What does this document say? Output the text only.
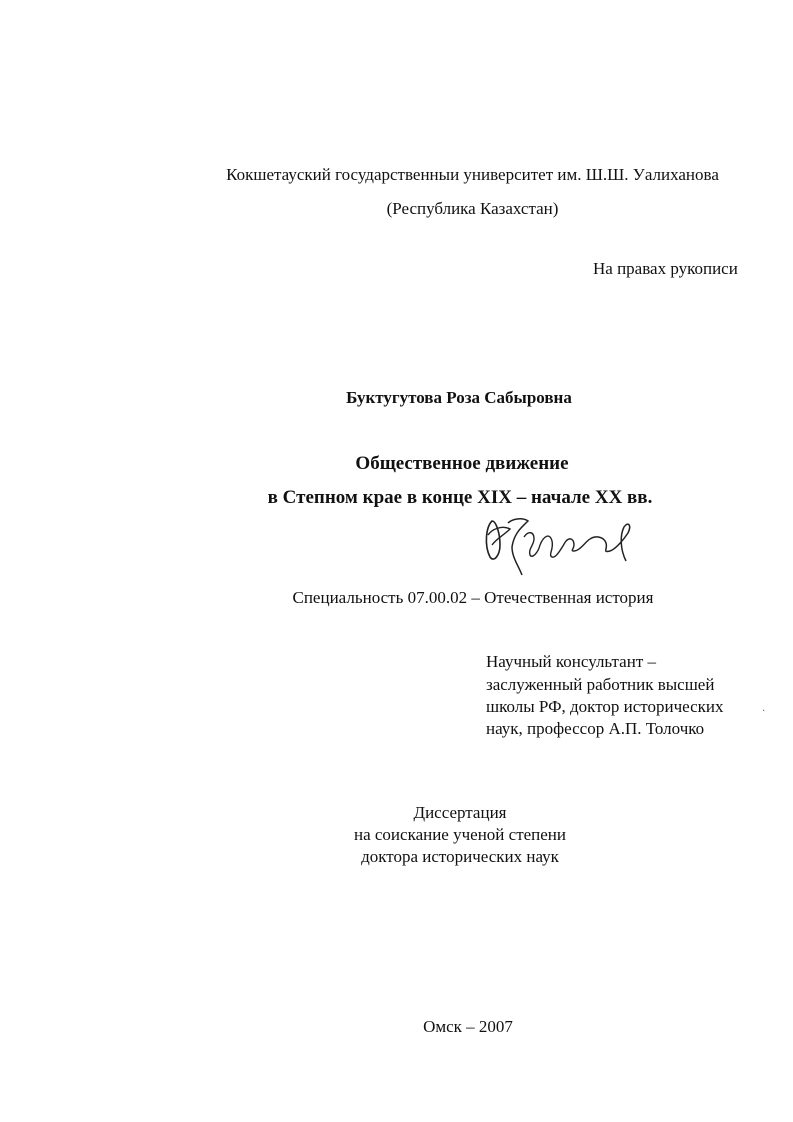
Кокшетауский государственныи университет им. Ш.Ш. Уалиханова
(Республика Казахстан)
На правах рукописи
Буктугутова Роза Сабыровна
Общественное движение
в Степном крае в конце XIX – начале XX вв.
Специальность 07.00.02 – Отечественная история
Научный консультант –
заслуженный работник высшей
школы РФ, доктор исторических
наук, профессор А.П. Толочко
·
Диссертация
на соискание ученой степени
доктора исторических наук
Омск – 2007
